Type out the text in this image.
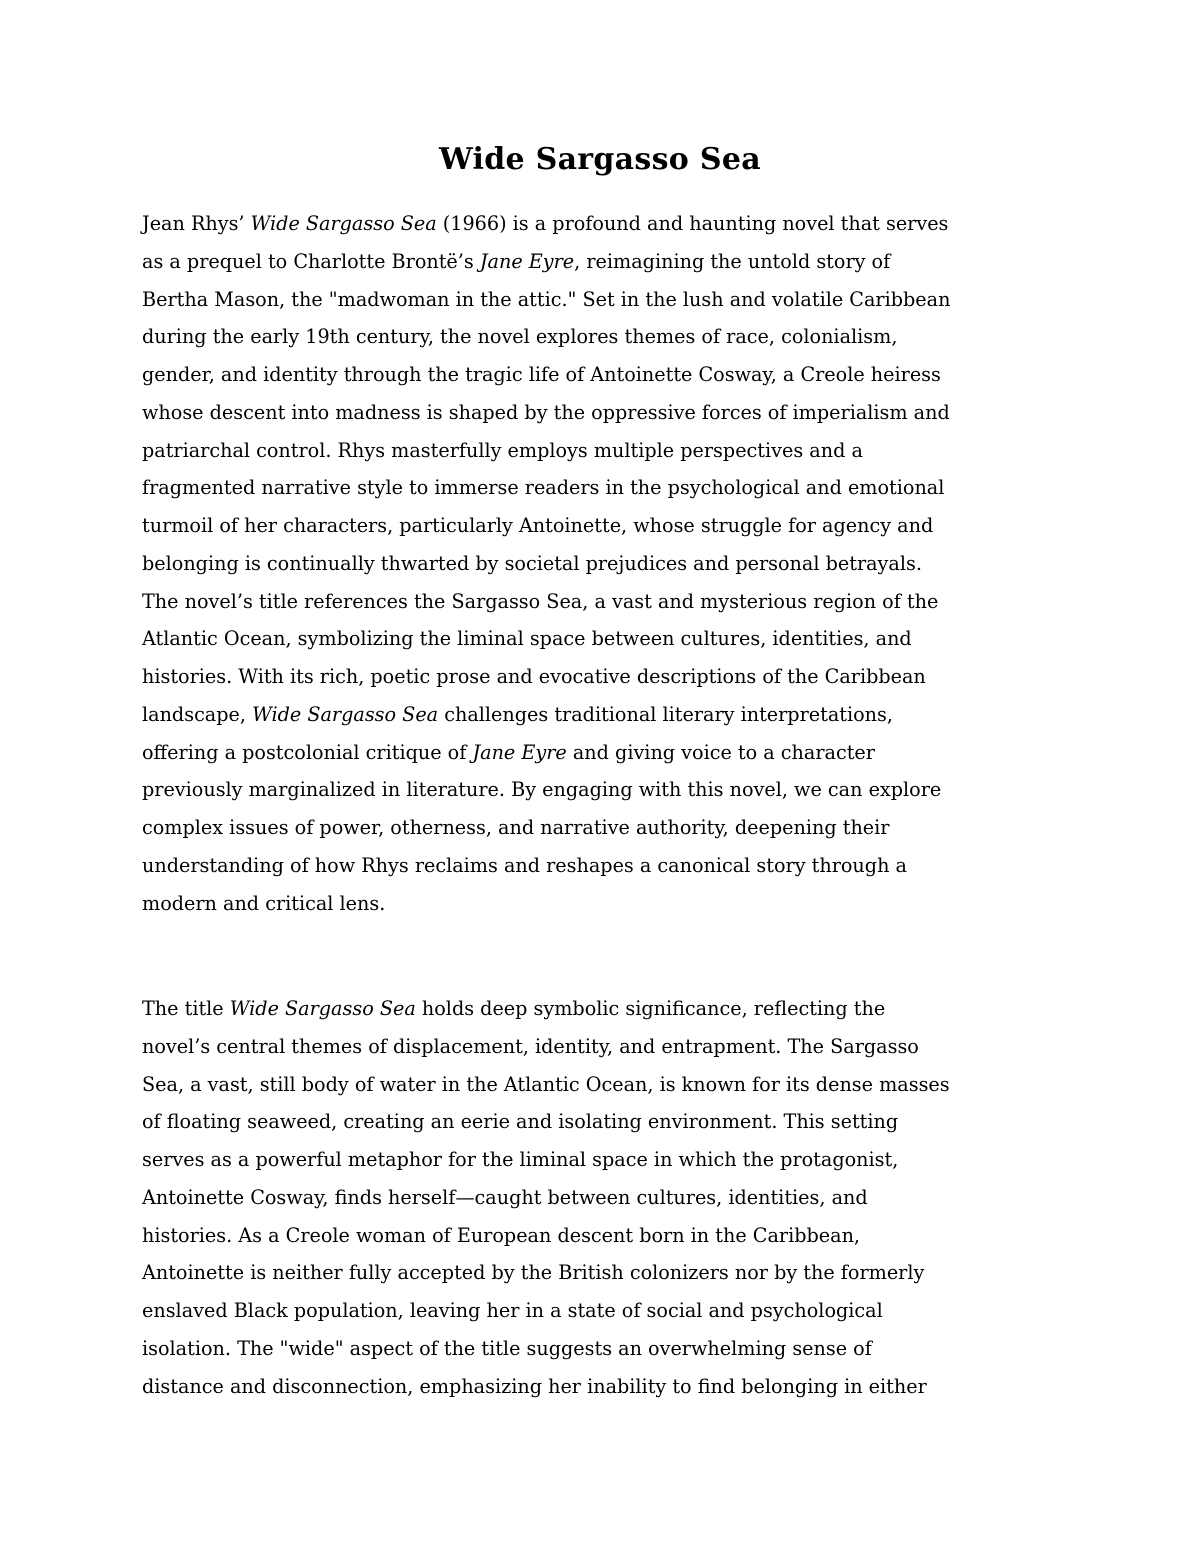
Wide Sargasso Sea
Jean Rhys’ Wide Sargasso Sea (1966) is a profound and haunting novel that serves
as a prequel to Charlotte Brontë’s Jane Eyre, reimagining the untold story of
Bertha Mason, the "madwoman in the attic." Set in the lush and volatile Caribbean
during the early 19th century, the novel explores themes of race, colonialism,
gender, and identity through the tragic life of Antoinette Cosway, a Creole heiress
whose descent into madness is shaped by the oppressive forces of imperialism and
patriarchal control. Rhys masterfully employs multiple perspectives and a
fragmented narrative style to immerse readers in the psychological and emotional
turmoil of her characters, particularly Antoinette, whose struggle for agency and
belonging is continually thwarted by societal prejudices and personal betrayals.
The novel’s title references the Sargasso Sea, a vast and mysterious region of the
Atlantic Ocean, symbolizing the liminal space between cultures, identities, and
histories. With its rich, poetic prose and evocative descriptions of the Caribbean
landscape, Wide Sargasso Sea challenges traditional literary interpretations,
offering a postcolonial critique of Jane Eyre and giving voice to a character
previously marginalized in literature. By engaging with this novel, we can explore
complex issues of power, otherness, and narrative authority, deepening their
understanding of how Rhys reclaims and reshapes a canonical story through a
modern and critical lens.
The title Wide Sargasso Sea holds deep symbolic significance, reflecting the
novel’s central themes of displacement, identity, and entrapment. The Sargasso
Sea, a vast, still body of water in the Atlantic Ocean, is known for its dense masses
of floating seaweed, creating an eerie and isolating environment. This setting
serves as a powerful metaphor for the liminal space in which the protagonist,
Antoinette Cosway, finds herself—caught between cultures, identities, and
histories. As a Creole woman of European descent born in the Caribbean,
Antoinette is neither fully accepted by the British colonizers nor by the formerly
enslaved Black population, leaving her in a state of social and psychological
isolation. The "wide" aspect of the title suggests an overwhelming sense of
distance and disconnection, emphasizing her inability to find belonging in either
